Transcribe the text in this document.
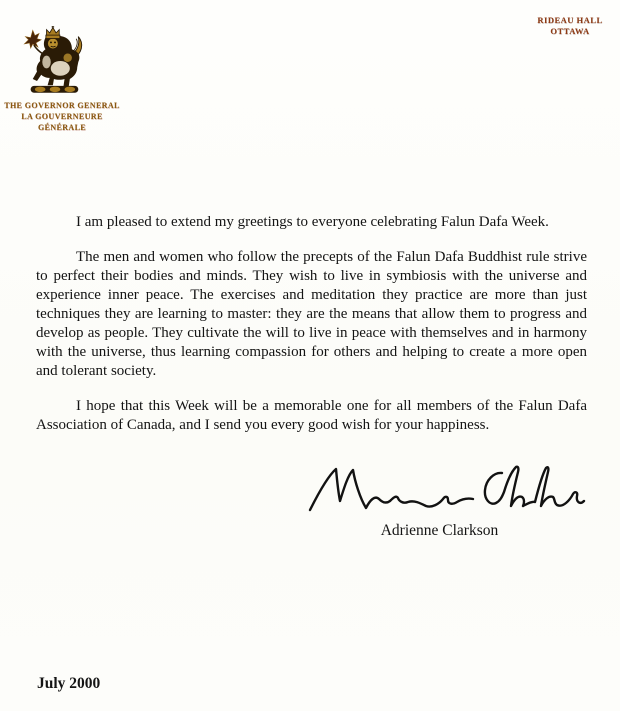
THE GOVERNOR GENERAL
LA GOUVERNEURE GÉNÉRALE
RIDEAU HALL
OTTAWA

I am pleased to extend my greetings to everyone celebrating Falun Dafa Week.

The men and women who follow the precepts of the Falun Dafa Buddhist rule strive to perfect their bodies and minds. They wish to live in symbiosis with the universe and experience inner peace. The exercises and meditation they practice are more than just techniques they are learning to master: they are the means that allow them to progress and develop as people. They cultivate the will to live in peace with themselves and in harmony with the universe, thus learning compassion for others and helping to create a more open and tolerant society.

I hope that this Week will be a memorable one for all members of the Falun Dafa Association of Canada, and I send you every good wish for your happiness.

Adrienne Clarkson
July 2000
